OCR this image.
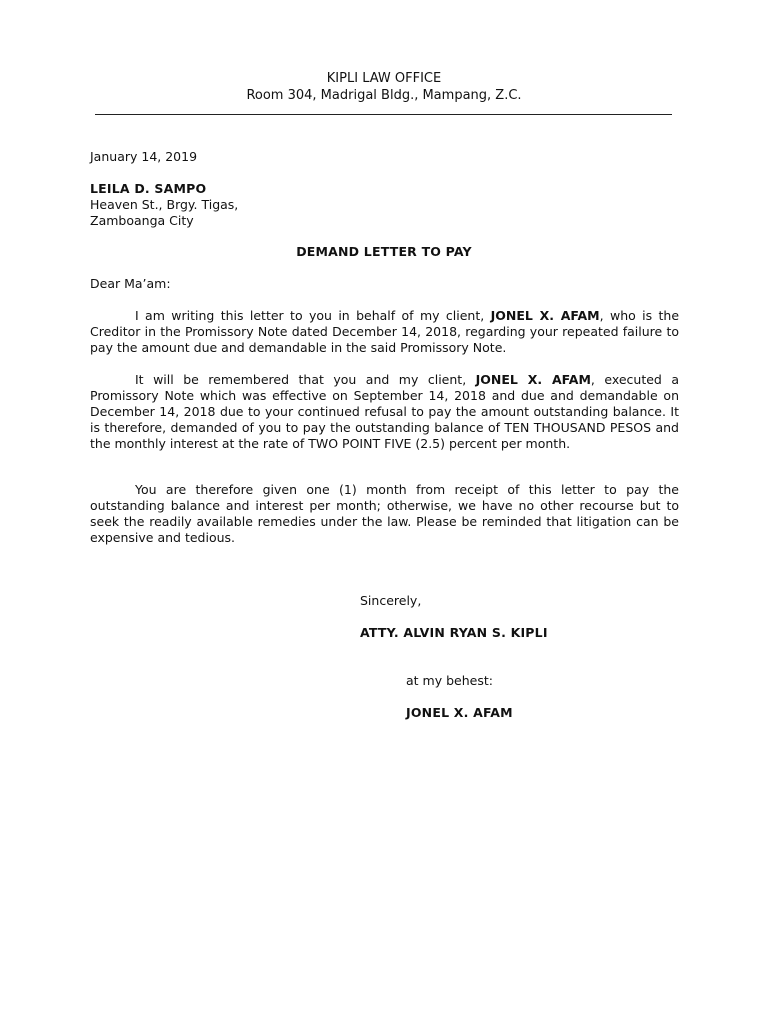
KIPLI LAW OFFICE
Room 304, Madrigal Bldg., Mampang, Z.C.
January 14, 2019
LEILA D. SAMPO
Heaven St., Brgy. Tigas,
Zamboanga City
DEMAND LETTER TO PAY
Dear Ma’am:
I am writing this letter to you in behalf of my client, JONEL X. AFAM, who is the Creditor in the Promissory Note dated December 14, 2018, regarding your repeated failure to pay the amount due and demandable in the said Promissory Note.
It will be remembered that you and my client, JONEL X. AFAM, executed a Promissory Note which was effective on September 14, 2018 and due and demandable on December 14, 2018 due to your continued refusal to pay the amount outstanding balance. It is therefore, demanded of you to pay the outstanding balance of TEN THOUSAND PESOS and the monthly interest at the rate of TWO POINT FIVE (2.5) percent per month.
You are therefore given one (1) month from receipt of this letter to pay the outstanding balance and interest per month; otherwise, we have no other recourse but to seek the readily available remedies under the law. Please be reminded that litigation can be expensive and tedious.
Sincerely,
ATTY. ALVIN RYAN S. KIPLI
at my behest:
JONEL X. AFAM
